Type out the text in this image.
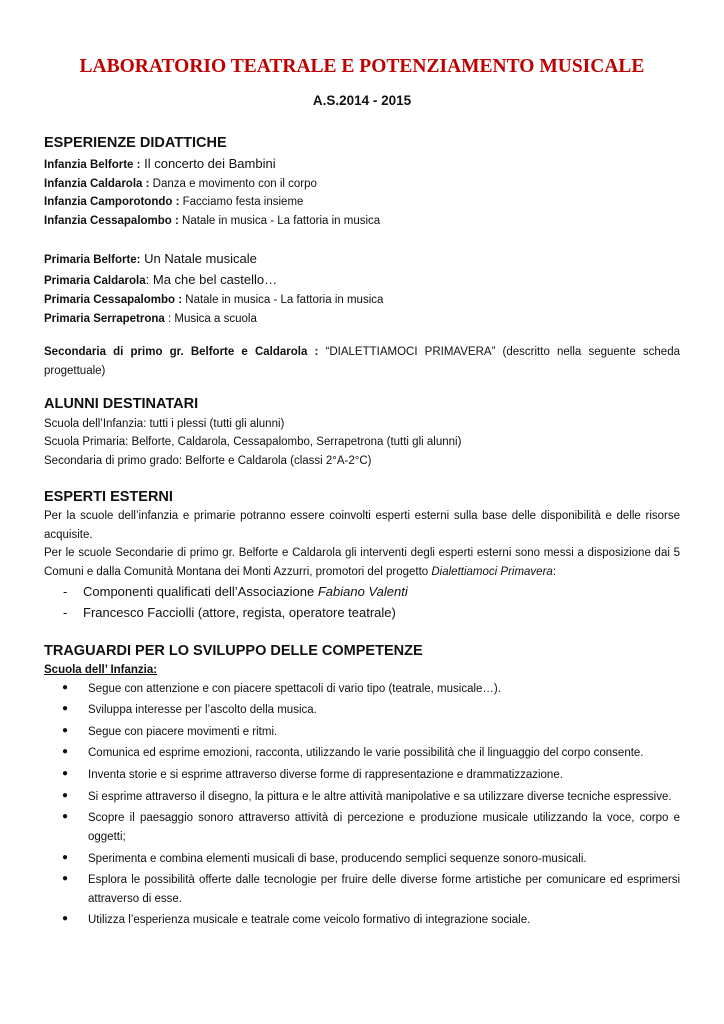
LABORATORIO TEATRALE E POTENZIAMENTO MUSICALE
A.S.2014 - 2015
ESPERIENZE DIDATTICHE

Infanzia Belforte : Il concerto dei Bambini

Infanzia Caldarola : Danza e movimento con il corpo

Infanzia Camporotondo : Facciamo festa insieme

Infanzia Cessapalombo : Natale in musica - La fattoria in musica

Primaria Belforte: Un Natale musicale

Primaria Caldarola: Ma che bel castello…

Primaria Cessapalombo : Natale in musica - La fattoria in musica

Primaria Serrapetrona : Musica a scuola

Secondaria di primo gr. Belforte e Caldarola : “DIALETTIAMOCI PRIMAVERA” (descritto nella seguente scheda progettuale)

ALUNNI DESTINATARI

Scuola dell’Infanzia: tutti i plessi (tutti gli alunni)

Scuola Primaria: Belforte, Caldarola, Cessapalombo, Serrapetrona (tutti gli alunni)

Secondaria di primo grado: Belforte e Caldarola (classi 2°A-2°C)

ESPERTI ESTERNI

Per la scuole dell’infanzia e primarie potranno essere coinvolti esperti esterni sulla base delle disponibilità e delle risorse acquisite.

Per le scuole Secondarie di primo gr. Belforte e Caldarola gli interventi degli esperti esterni sono messi a disposizione dai 5 Comuni e dalla Comunità Montana dei Monti Azzurri, promotori del progetto Dialettiamoci Primavera:

- Componenti qualificati dell’Associazione Fabiano Valenti
- Francesco Facciolli (attore, regista, operatore teatrale)
TRAGUARDI PER LO SVILUPPO DELLE COMPETENZE

Scuola dell’ Infanzia:

● Segue con attenzione e con piacere spettacoli di vario tipo (teatrale, musicale…).
● Sviluppa interesse per l’ascolto della musica.
● Segue con piacere movimenti e ritmi.
● Comunica ed esprime emozioni, racconta, utilizzando le varie possibilità che il linguaggio del corpo consente.
● Inventa storie e si esprime attraverso diverse forme di rappresentazione e drammatizzazione.
● Si esprime attraverso il disegno, la pittura e le altre attività manipolative e sa utilizzare diverse tecniche espressive.
● Scopre il paesaggio sonoro attraverso attività di percezione e produzione musicale utilizzando la voce, corpo e oggetti;
● Sperimenta e combina elementi musicali di base, producendo semplici sequenze sonoro-musicali.
● Esplora le possibilità offerte dalle tecnologie per fruire delle diverse forme artistiche per comunicare ed esprimersi attraverso di esse.
● Utilizza l’esperienza musicale e teatrale come veicolo formativo di integrazione sociale.
